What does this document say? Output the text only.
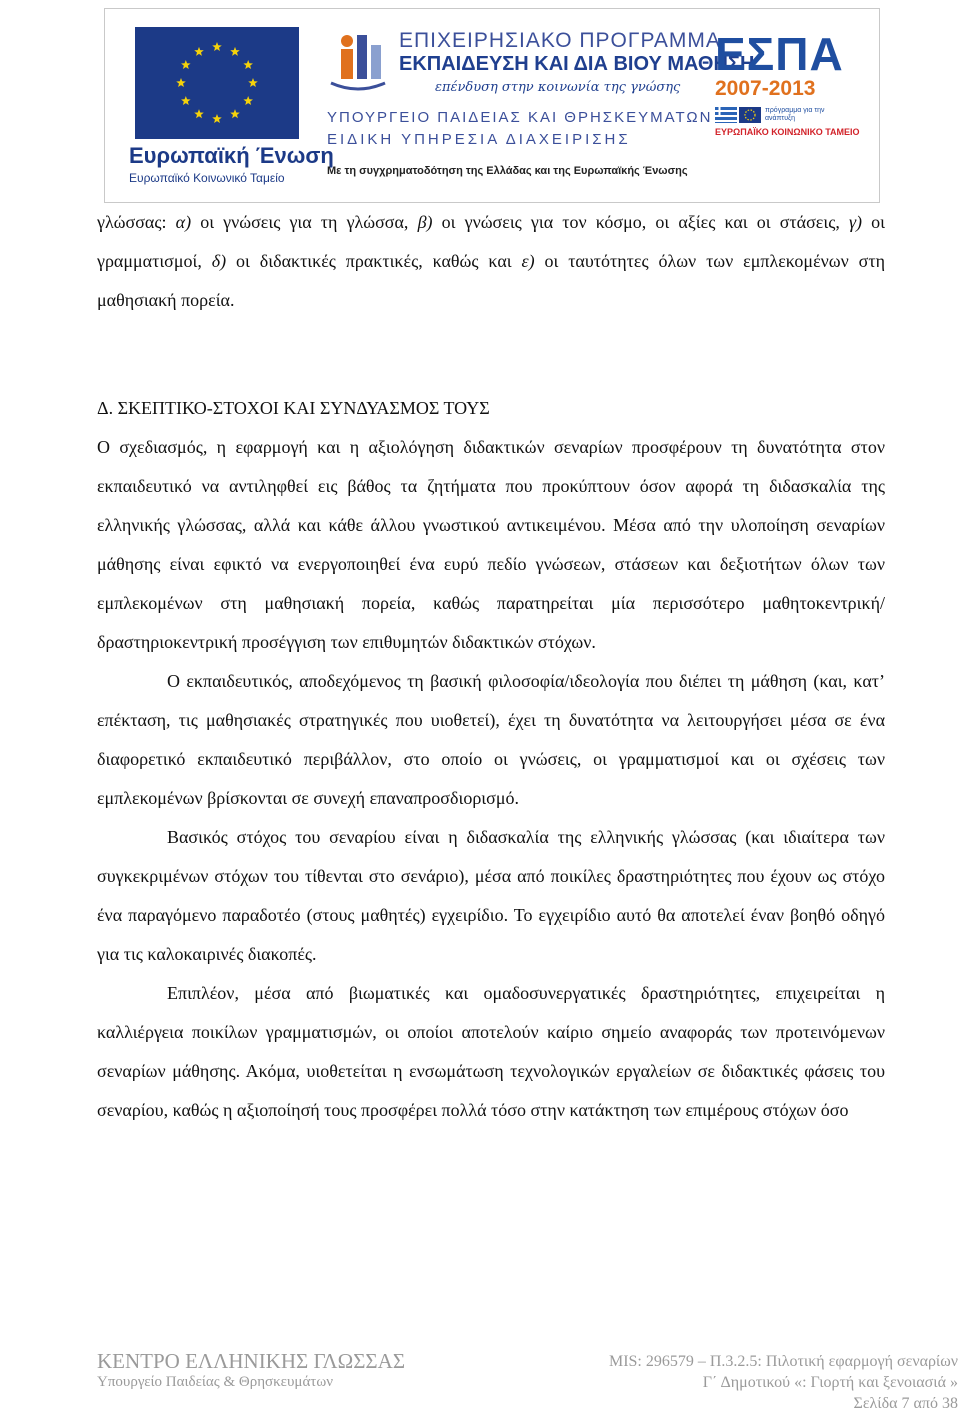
Ευρωπαϊκή Ένωση
Ευρωπαϊκό Κοινωνικό Ταμείο
ΕΠΙΧΕΙΡΗΣΙΑΚΟ ΠΡΟΓΡΑΜΜΑ
ΕΚΠΑΙΔΕΥΣΗ ΚΑΙ ΔΙΑ ΒΙΟΥ ΜΑΘΗΣΗ
επένδυση στην κοινωνία της γνώσης
ΥΠΟΥΡΓΕΙΟ ΠΑΙΔΕΙΑΣ ΚΑΙ ΘΡΗΣΚΕΥΜΑΤΩΝ
ΕΙΔΙΚΗ ΥΠΗΡΕΣΙΑ ΔΙΑΧΕΙΡΙΣΗΣ
Με τη συγχρηματοδότηση της Ελλάδας και της Ευρωπαϊκής Ένωσης
ΕΣΠΑ
2007-2013
πρόγραμμα για την ανάπτυξη
ΕΥΡΩΠΑΪΚΟ ΚΟΙΝΩΝΙΚΟ ΤΑΜΕΙΟ

γλώσσας: α) οι γνώσεις για τη γλώσσα, β) οι γνώσεις για τον κόσμο, οι αξίες και οι στάσεις, γ) οι γραμματισμοί, δ) οι διδακτικές πρακτικές, καθώς και ε) οι ταυτότητες όλων των εμπλεκομένων στη μαθησιακή πορεία.

Δ. ΣΚΕΠΤΙΚΟ-ΣΤΟΧΟΙ ΚΑΙ ΣΥΝΔΥΑΣΜΟΣ ΤΟΥΣ

Ο σχεδιασμός, η εφαρμογή και η αξιολόγηση διδακτικών σεναρίων προσφέρουν τη δυνατότητα στον εκπαιδευτικό να αντιληφθεί εις βάθος τα ζητήματα που προκύπτουν όσον αφορά τη διδασκαλία της ελληνικής γλώσσας, αλλά και κάθε άλλου γνωστικού αντικειμένου. Μέσα από την υλοποίηση σεναρίων μάθησης είναι εφικτό να ενεργοποιηθεί ένα ευρύ πεδίο γνώσεων, στάσεων και δεξιοτήτων όλων των εμπλεκομένων στη μαθησιακή πορεία, καθώς παρατηρείται μία περισσότερο μαθητοκεντρική/δραστηριοκεντρική προσέγγιση των επιθυμητών διδακτικών στόχων.

Ο εκπαιδευτικός, αποδεχόμενος τη βασική φιλοσοφία/ιδεολογία που διέπει τη μάθηση (και, κατ’ επέκταση, τις μαθησιακές στρατηγικές που υιοθετεί), έχει τη δυνατότητα να λειτουργήσει μέσα σε ένα διαφορετικό εκπαιδευτικό περιβάλλον, στο οποίο οι γνώσεις, οι γραμματισμοί και οι σχέσεις των εμπλεκομένων βρίσκονται σε συνεχή επαναπροσδιορισμό.

Βασικός στόχος του σεναρίου είναι η διδασκαλία της ελληνικής γλώσσας (και ιδιαίτερα των συγκεκριμένων στόχων του τίθενται στο σενάριο), μέσα από ποικίλες δραστηριότητες που έχουν ως στόχο ένα παραγόμενο παραδοτέο (στους μαθητές) εγχειρίδιο. Το εγχειρίδιο αυτό θα αποτελεί έναν βοηθό οδηγό για τις καλοκαιρινές διακοπές.

Επιπλέον, μέσα από βιωματικές και ομαδοσυνεργατικές δραστηριότητες, επιχειρείται η καλλιέργεια ποικίλων γραμματισμών, οι οποίοι αποτελούν καίριο σημείο αναφοράς των προτεινόμενων σεναρίων μάθησης. Ακόμα, υιοθετείται η ενσωμάτωση τεχνολογικών εργαλείων σε διδακτικές φάσεις του σεναρίου, καθώς η αξιοποίησή τους προσφέρει πολλά τόσο στην κατάκτηση των επιμέρους στόχων όσο

ΚΕΝΤΡΟ ΕΛΛΗΝΙΚΗΣ ΓΛΩΣΣΑΣ
Υπουργείο Παιδείας & Θρησκευμάτων
MIS: 296579 – Π.3.2.5: Πιλοτική εφαρμογή σεναρίων
Γ΄ Δημοτικού «: Γιορτή και ξενοιασιά »
Σελίδα 7 από 38
